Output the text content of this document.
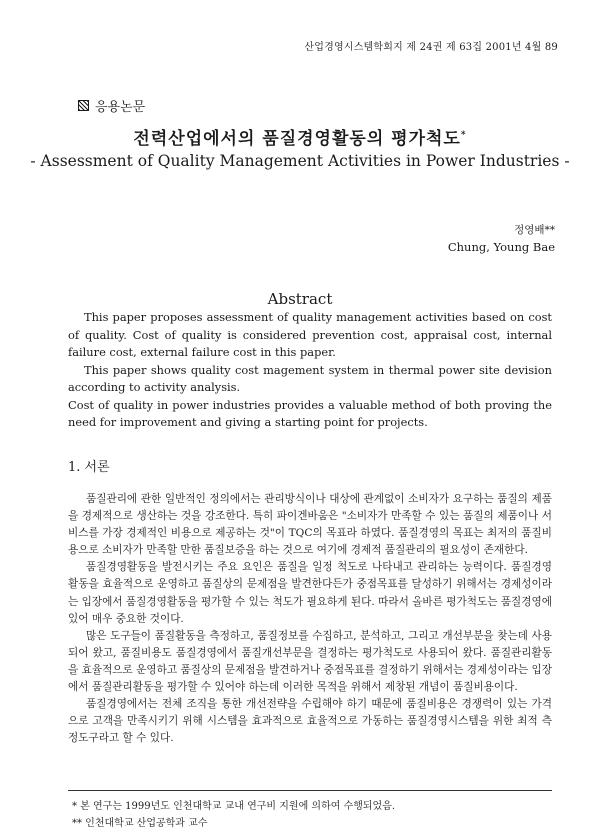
산업경영시스템학회지 제 24권 제 63집 2001년 4월 89
응용논문
전력산업에서의 품질경영활동의 평가척도*
- Assessment of Quality Management Activities in Power Industries -
정영배**
Chung, Young Bae
Abstract

This paper proposes assessment of quality management activities based on cost of quality. Cost of quality is considered prevention cost, appraisal cost, internal failure cost, external failure cost in this paper.

This paper shows quality cost magement system in thermal power site devision according to activity analysis.

Cost of quality in power industries provides a valuable method of both proving the need for improvement and giving a starting point for projects.

1. 서론

품질관리에 관한 일반적인 정의에서는 관리방식이나 대상에 관계없이 소비자가 요구하는 품질의 제품을 경제적으로 생산하는 것을 강조한다. 특히 파이겐바움은 "소비자가 만족할 수 있는 품질의 제품이나 서비스를 가장 경제적인 비용으로 제공하는 것"이 TQC의 목표라 하였다. 품질경영의 목표는 최저의 품질비용으로 소비자가 만족할 만한 품질보증을 하는 것으로 여기에 경제적 품질관리의 필요성이 존재한다.

품질경영활동을 발전시키는 주요 요인은 품질을 일정 척도로 나타내고 관리하는 능력이다. 품질경영활동을 효율적으로 운영하고 품질상의 문제점을 발견한다든가 중점목표를 달성하기 위해서는 경제성이라는 입장에서 품질경영활동을 평가할 수 있는 척도가 필요하게 된다. 따라서 올바른 평가척도는 품질경영에 있어 매우 중요한 것이다.

많은 도구들이 품질활동을 측정하고, 품질정보를 수집하고, 분석하고, 그리고 개선부분을 찾는데 사용되어 왔고, 품질비용도 품질경영에서 품질개선부문을 결정하는 평가척도로 사용되어 왔다. 품질관리활동을 효율적으로 운영하고 품질상의 문제점을 발견하거나 중점목표를 결정하기 위해서는 경제성이라는 입장에서 품질관리활동을 평가할 수 있어야 하는데 이러한 목적을 위해서 제창된 개념이 품질비용이다.

품질경영에서는 전체 조직을 통한 개선전략을 수립해야 하기 때문에 품질비용은 경쟁력이 있는 가격으로 고객을 만족시키기 위해 시스템을 효과적으로 효율적으로 가동하는 품질경영시스템을 위한 최적 측정도구라고 할 수 있다.

* 본 연구는 1999년도 인천대학교 교내 연구비 지원에 의하여 수행되었음.
** 인천대학교 산업공학과 교수
